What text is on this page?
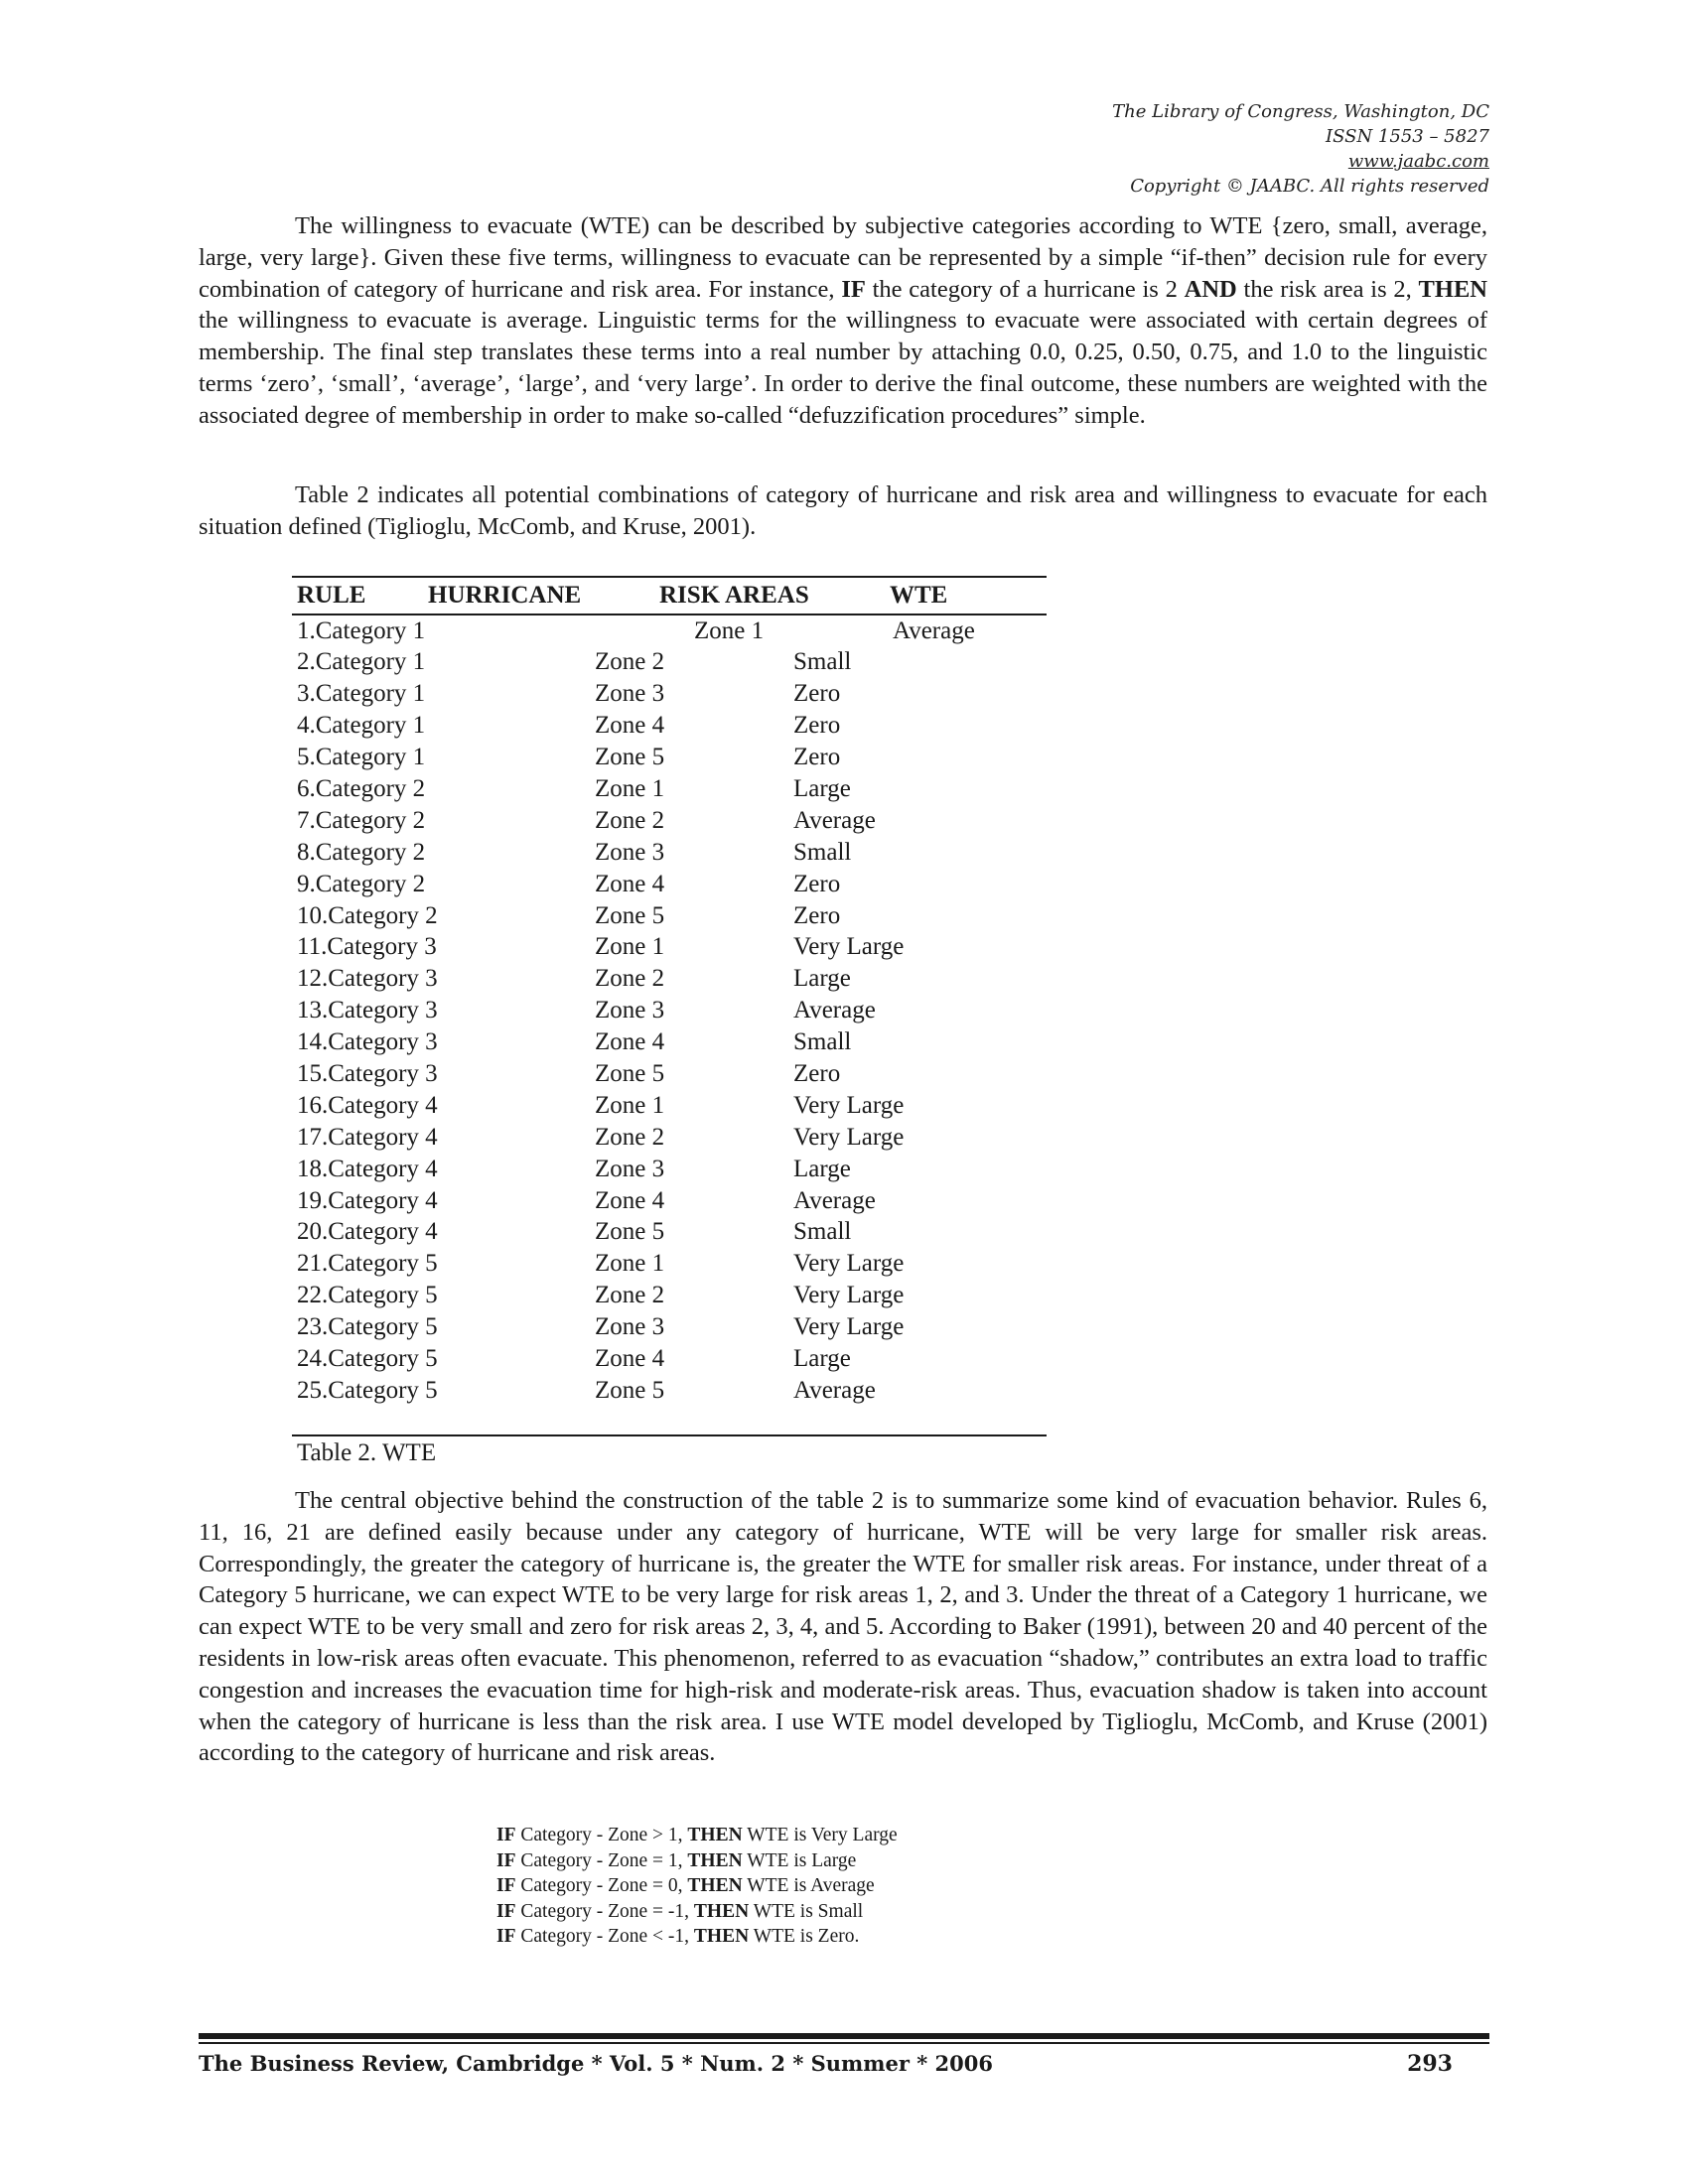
The Library of Congress, Washington, DC
ISSN 1553 – 5827
www.jaabc.com
Copyright © JAABC. All rights reserved

The willingness to evacuate (WTE) can be described by subjective categories according to WTE {zero, small, average, large, very large}. Given these five terms, willingness to evacuate can be represented by a simple “if-then” decision rule for every combination of category of hurricane and risk area. For instance, IF the category of a hurricane is 2 AND the risk area is 2, THEN the willingness to evacuate is average. Linguistic terms for the willingness to evacuate were associated with certain degrees of membership. The final step translates these terms into a real number by attaching 0.0, 0.25, 0.50, 0.75, and 1.0 to the linguistic terms ‘zero’, ‘small’, ‘average’, ‘large’, and ‘very large’. In order to derive the final outcome, these numbers are weighted with the associated degree of membership in order to make so-called “defuzzification procedures” simple.

Table 2 indicates all potential combinations of category of hurricane and risk area and willingness to evacuate for each situation defined (Tiglioglu, McComb, and Kruse, 2001).

RULE	HURRICANE	RISK AREAS	WTE
1.Category 1	Zone 1	Average
2.Category 1	Zone 2	Small
3.Category 1	Zone 3	Zero
4.Category 1	Zone 4	Zero
5.Category 1	Zone 5	Zero
6.Category 2	Zone 1	Large
7.Category 2	Zone 2	Average
8.Category 2	Zone 3	Small
9.Category 2	Zone 4	Zero
10.Category 2	Zone 5	Zero
11.Category 3	Zone 1	Very Large
12.Category 3	Zone 2	Large
13.Category 3	Zone 3	Average
14.Category 3	Zone 4	Small
15.Category 3	Zone 5	Zero
16.Category 4	Zone 1	Very Large
17.Category 4	Zone 2	Very Large
18.Category 4	Zone 3	Large
19.Category 4	Zone 4	Average
20.Category 4	Zone 5	Small
21.Category 5	Zone 1	Very Large
22.Category 5	Zone 2	Very Large
23.Category 5	Zone 3	Very Large
24.Category 5	Zone 4	Large
25.Category 5	Zone 5	Average
Table 2. WTE

The central objective behind the construction of the table 2 is to summarize some kind of evacuation behavior. Rules 6, 11, 16, 21 are defined easily because under any category of hurricane, WTE will be very large for smaller risk areas. Correspondingly, the greater the category of hurricane is, the greater the WTE for smaller risk areas. For instance, under threat of a Category 5 hurricane, we can expect WTE to be very large for risk areas 1, 2, and 3. Under the threat of a Category 1 hurricane, we can expect WTE to be very small and zero for risk areas 2, 3, 4, and 5. According to Baker (1991), between 20 and 40 percent of the residents in low-risk areas often evacuate. This phenomenon, referred to as evacuation “shadow,” contributes an extra load to traffic congestion and increases the evacuation time for high-risk and moderate-risk areas. Thus, evacuation shadow is taken into account when the category of hurricane is less than the risk area. I use WTE model developed by Tiglioglu, McComb, and Kruse (2001) according to the category of hurricane and risk areas.

IF Category - Zone > 1, THEN WTE is Very Large
IF Category - Zone = 1, THEN WTE is Large
IF Category - Zone = 0, THEN WTE is Average
IF Category - Zone = -1, THEN WTE is Small
IF Category - Zone < -1, THEN WTE is Zero.
The Business Review, Cambridge * Vol. 5 * Num. 2 * Summer * 2006	293
